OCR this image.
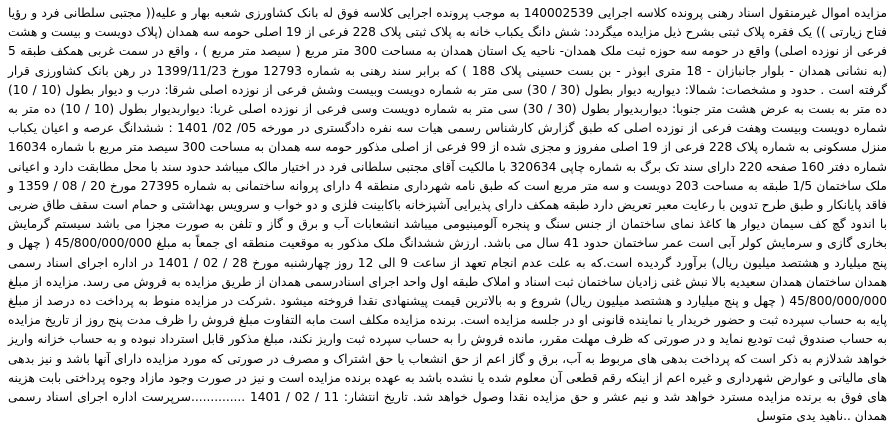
مزایده اموال غیرمنقول اسناد رهنی پرونده کلاسه اجرایی 140002539 به موجب پرونده اجرایی کلاسه فوق له بانک کشاورزی شعبه بهار و علیه(( مجتبی سلطانی فرد و رؤیا فتاح زیارتی )) یک فقره پلاک ثبتی بشرح ذیل مزایده میگردد: شش دانگ یکباب خانه به پلاک ثبتی پلاک 228 فرعی از 19 اصلی حومه سه همدان (پلاک دویست و بیست و هشت فرعی از نوزده اصلی) واقع در حومه سه حوزه ثبت ملک همدان- ناحیه یک استان همدان به مساحت 300 متر مربع ( سیصد متر مربع ) ، واقع در سمت غربی همکف طبقه 5 (به نشانی همدان - بلوار جانبازان - 18 متری ابوذر - بن بست حسینی پلاک 188 ) که برابر سند رهنی به شماره 12793 مورخ 1399/11/23 در رهن بانک کشاورزی قرار گرفته است . حدود و مشخصات: شمالا: دیواریه دیوار بطول (30 / 30) سی متر به شماره دویست وبیست وشش فرعی از نوزده اصلی شرقا: درب و دیوار بطول (10 / 10) ده متر به بست به عرض هشت متر جنوبا: دیواربدیوار بطول (30 / 30) سی متر به شماره دویست وسی فرعی از نوزده اصلی غربا: دیواربدیوار بطول (10 / 10) ده متر به شماره دویست وبیست وهفت فرعی از نوزده اصلی که طبق گزارش کارشناس رسمی هیات سه نفره دادگستری در مورخه 05/ 02/ 1401 : ششدانگ عرصه و اعیان یکباب منزل مسکونی به شماره پلاک 228 فرعی از 19 اصلی مفروز و مجزی شده از 99 فرعی از اصلی مذکور حومه سه همدان به مساحت 300 سیصد متر مربع با شماره 16034 شماره دفتر 160 صفحه 220 دارای سند تک برگ به شماره چاپی 320634 با مالکیت آقای مجتبی سلطانی فرد در اختیار مالک میباشد حدود سند با محل مطابقت دارد و اعیانی ملک ساختمان 1/5 طبقه به مساحت 203 دویست و سه متر مربع است که طبق نامه شهرداری منطقه 4 دارای پروانه ساختمانی به شماره 27395 مورخ 20 / 08 / 1359 و فاقد پایانکار و طبق طرح تدوین با رعایت معبر تعریض دارد طبقه همکف دارای پذیرایی آشپزخانه باکابینت فلزی و دو خواب و سرویس بهداشتی و حمام است سقف طاق ضربی با اندود گچ کف سیمان دیوار ها کاغذ نمای ساختمان از جنس سنگ و پنجره آلومینیومی میباشد انشعابات آب و برق و گاز و تلفن به صورت مجزا می باشد سیستم گرمایش بخاری گازی و سرمایش کولر آبی است عمر ساختمان حدود 41 سال می باشد. ارزش ششدانگ ملک مذکور به موقعیت منطقه ای جمعاً به مبلغ 45/800/000/000 ( چهل و پنج میلیارد و هشتصد میلیون ریال) برآورد گردیده است.که به علت عدم انجام تعهد از ساعت 9 الی 12 روز چهارشنبه مورخ 28 / 02 / 1401 در اداره اجرای اسناد رسمی همدان ساختمان همدان سعیدیه بالا نبش غنی زادیان ساختمان ثبت اسناد و املاک طبقه اول واحد اجرای اسنادرسمی همدان از طریق مزایده به فروش می رسد. مزایده از مبلغ 45/800/000/000 ( چهل و پنج میلیارد و هشتصد میلیون ریال) شروع و به بالاترین قیمت پیشنهادی نقدا فروخته میشود .شرکت در مزایده منوط به پرداخت ده درصد از مبلغ پایه به حساب سپرده ثبت و حضور خریدار یا نماینده قانونی او در جلسه مزایده است. برنده مزایده مکلف است مابه التفاوت مبلغ فروش را ظرف مدت پنج روز از تاریخ مزایده به حساب صندوق ثبت توديع نماید و در صورتی که ظرف مهلت مقرر، مانده فروش را به حساب سپرده ثبت واریز نکند، مبلغ مذکور قابل استرداد نبوده و به حساب خزانه واریز خواهد شدلازم به ذکر است که پرداخت بدهی های مربوط به آب، برق و گاز اعم از حق انشعاب یا حق اشتراک و مصرف در صورتی که مورد مزایده دارای آنها باشد و نیز بدهی های مالیاتی و عوارض شهرداری و غیره اعم از اینکه رقم قطعی آن معلوم شده یا نشده باشد به عهده برنده مزایده است و نیز در صورت وجود مازاد وجوه پرداختی بابت هزینه های فوق به برنده مزایده مسترد خواهد شد و نیم عشر و حق مزایده نقدا وصول خواهد شد. تاریخ انتشار: 11 / 02 / 1401 ..............سرپرست اداره اجرای اسناد رسمی همدان ..ناهید یدی متوسل
